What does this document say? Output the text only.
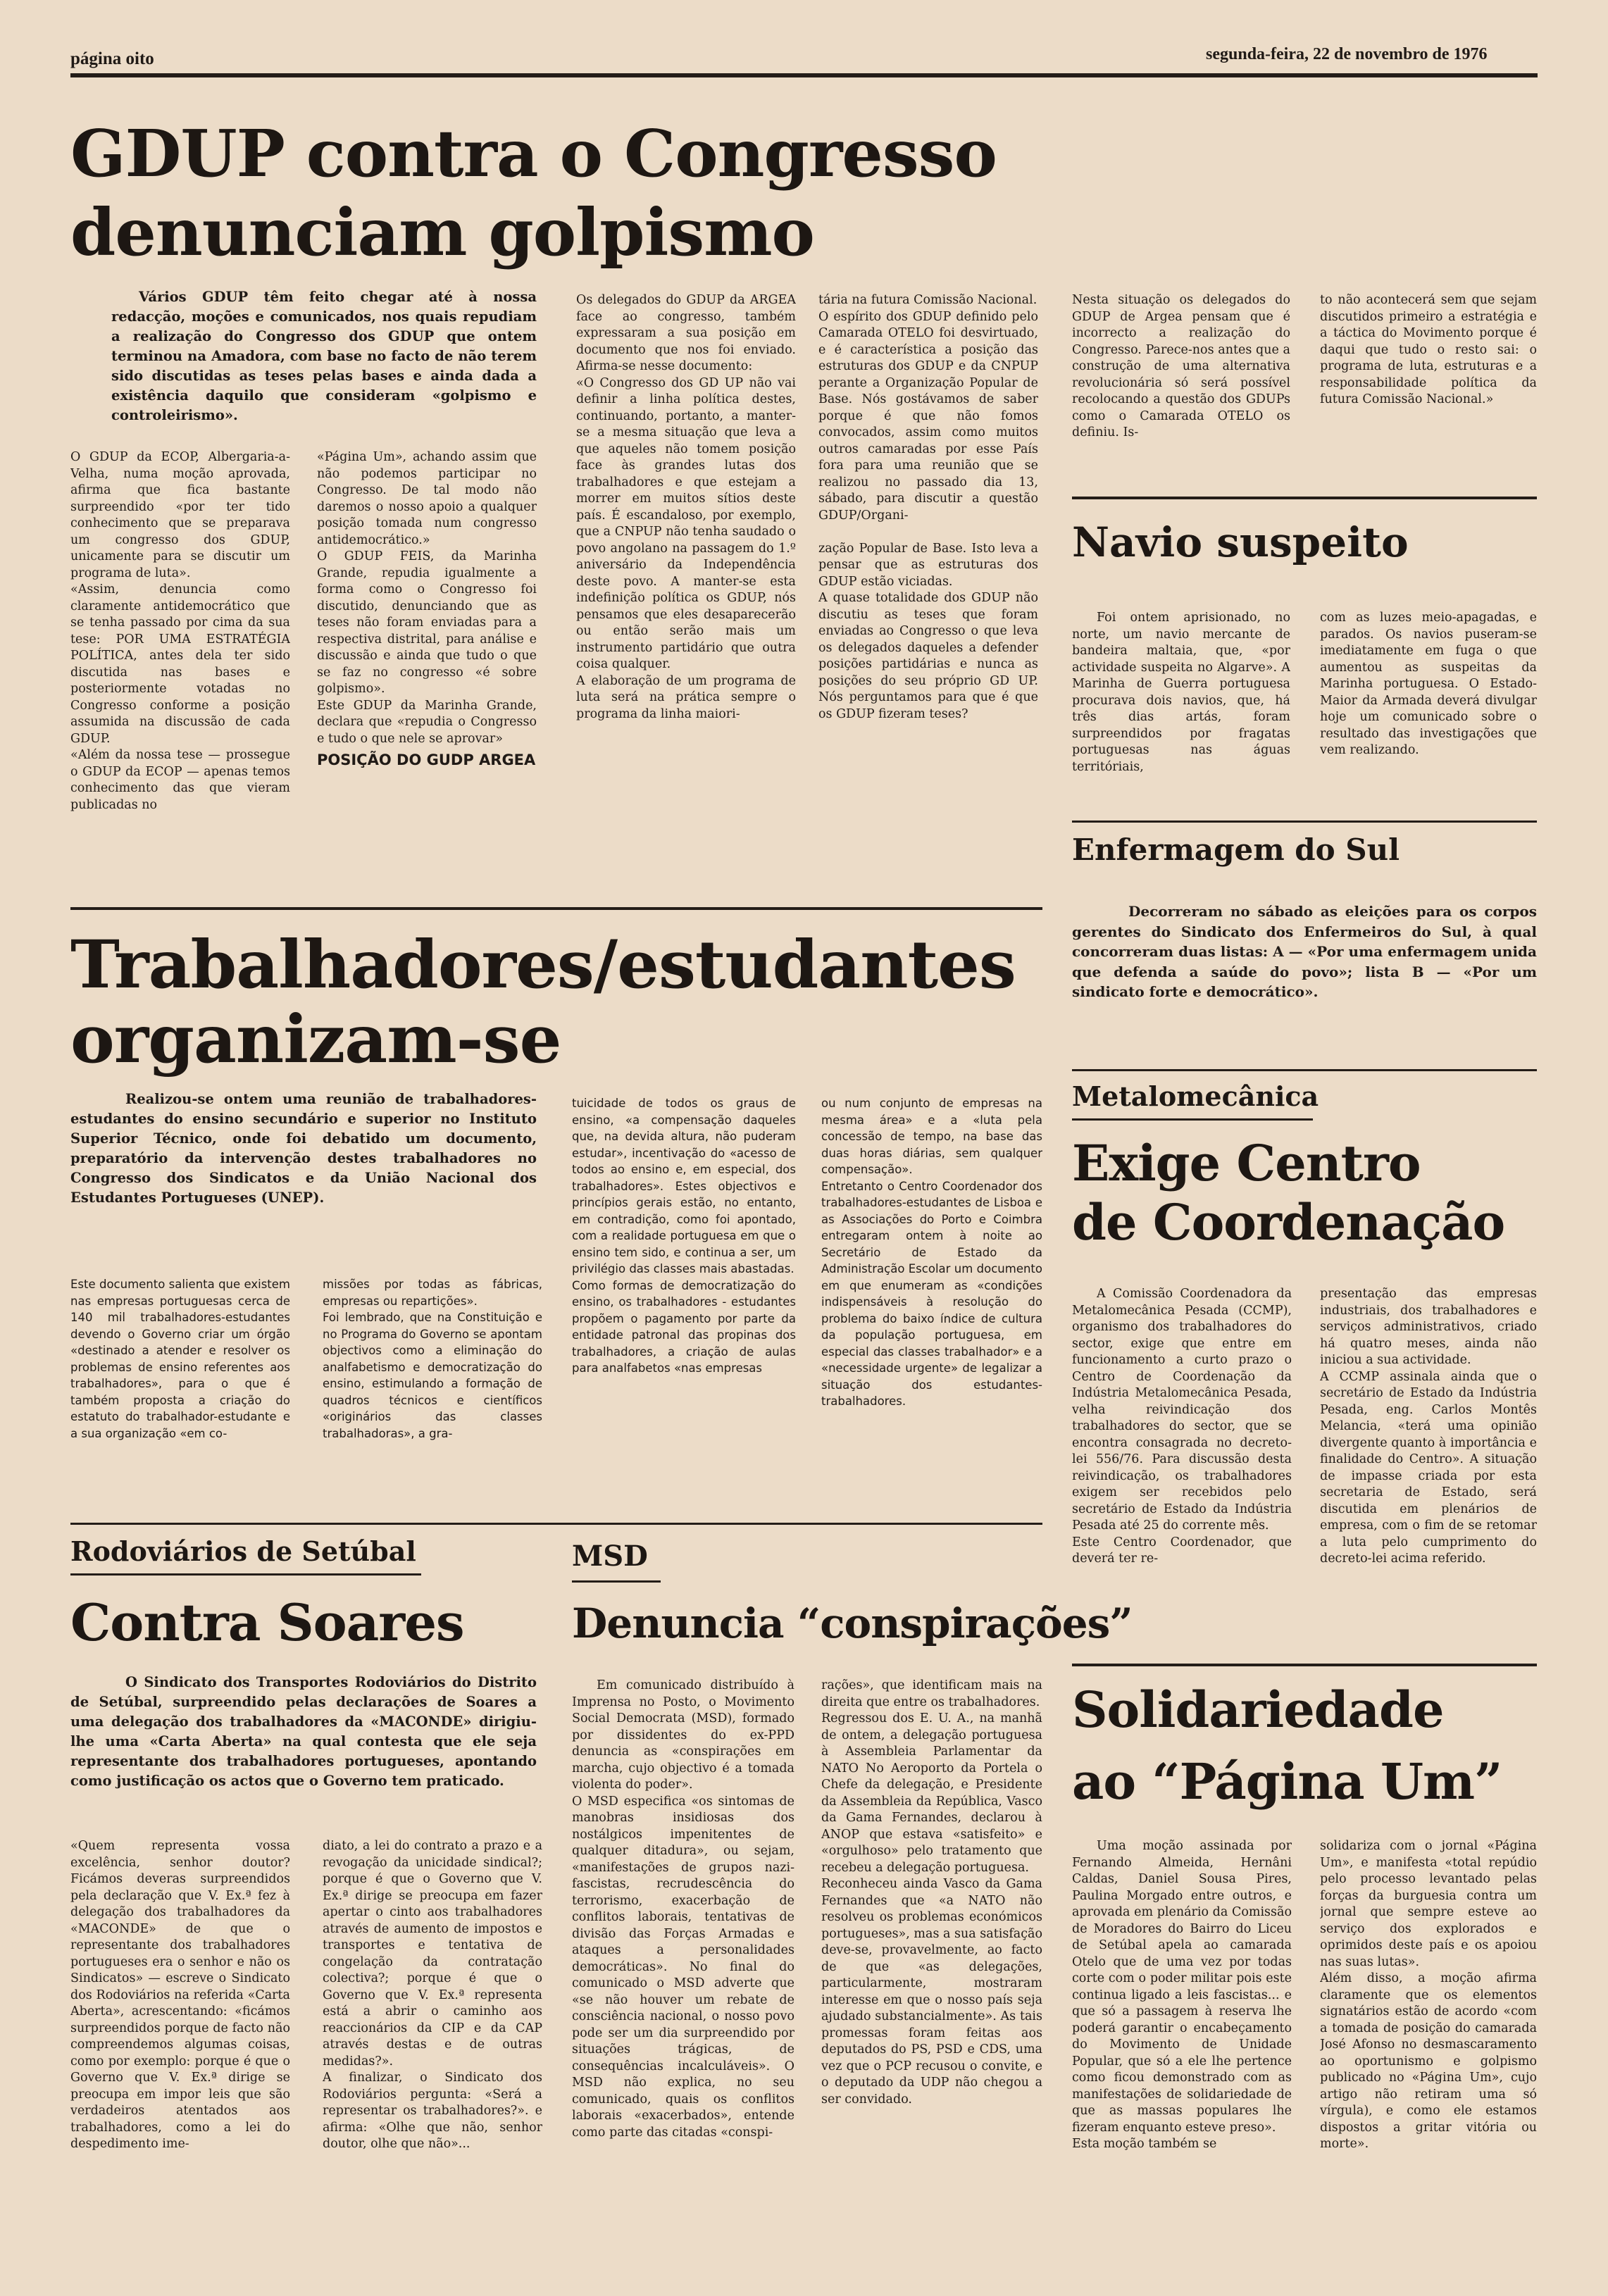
página oito	segunda-feira, 22 de novembro de 1976
GDUP contra o Congresso
denunciam golpismo

Vários GDUP têm feito chegar até à nossa redacção, moções e comunicados, nos quais repudiam a realização do Congresso dos GDUP que ontem terminou na Amadora, com base no facto de não terem sido discutidas as teses pelas bases e ainda dada a existência daquilo que consideram «golpismo e controleirismo».

O GDUP da ECOP, Albergaria-a-Velha, numa moção aprovada, afirma que fica bastante surpreendido «por ter tido conhecimento que se preparava um congresso dos GDUP, unicamente para se discutir um programa de luta».
«Assim, denuncia como claramente antidemocrático que se tenha passado por cima da sua tese: POR UMA ESTRATÉGIA POLÍTICA, antes dela ter sido discutida nas bases e posteriormente votadas no Congresso conforme a posição assumida na discussão de cada GDUP.
«Além da nossa tese — prossegue o GDUP da ECOP — apenas temos conhecimento das que vieram publicadas no

«Página Um», achando assim que não podemos participar no Congresso. De tal modo não daremos o nosso apoio a qualquer posição tomada num congresso antidemocrático.»
O GDUP FEIS, da Marinha Grande, repudia igualmente a forma como o Congresso foi discutido, denunciando que as teses não foram enviadas para a respectiva distrital, para análise e discussão e ainda que tudo o que se faz no congresso «é sobre golpismo».
Este GDUP da Marinha Grande, declara que «repudia o Congresso e tudo o que nele se aprovar»

POSIÇÃO DO GUDP ARGEA

Os delegados do GDUP da ARGEA face ao congresso, também expressaram a sua posição em documento que nos foi enviado. Afirma-se nesse documento:
«O Congresso dos GD UP não vai definir a linha política destes, continuando, portanto, a manter-se a mesma situação que leva a que aqueles não tomem posição face às grandes lutas dos trabalhadores e que estejam a morrer em muitos sítios deste país. É escandaloso, por exemplo, que a CNPUP não tenha saudado o povo angolano na passagem do 1.º aniversário da Independência deste povo. A manter-se esta indefinição política os GDUP, nós pensamos que eles desaparecerão ou então serão mais um instrumento partidário que outra coisa qualquer.
A elaboração de um programa de luta será na prática sempre o programa da linha maiori-

tária na futura Comissão Nacional.
O espírito dos GDUP definido pelo Camarada OTELO foi desvirtuado, e é característica a posição das estruturas dos GDUP e da CNPUP perante a Organização Popular de Base. Nós gostávamos de saber porque é que não fomos convocados, assim como muitos outros camaradas por esse País fora para uma reunião que se realizou no passado dia 13, sábado, para discutir a questão GDUP/Organi-

zação Popular de Base. Isto leva a pensar que as estruturas dos GDUP estão viciadas.
A quase totalidade dos GDUP não discutiu as teses que foram enviadas ao Congresso o que leva os delegados daqueles a defender posições partidárias e nunca as posições do seu próprio GD UP. Nós perguntamos para que é que os GDUP fizeram teses?

Nesta situação os delegados do GDUP de Argea pensam que é incorrecto a realização do Congresso. Parece-nos antes que a construção de uma alternativa revolucionária só será possível recolocando a questão dos GDUPs como o Camarada OTELO os definiu. Is-

to não acontecerá sem que sejam discutidos primeiro a estratégia e a táctica do Movimento porque é daqui que tudo o resto sai: o programa de luta, estruturas e a responsabilidade política da futura Comissão Nacional.»

Navio suspeito

Foi ontem aprisionado, no norte, um navio mercante de bandeira maltaia, que, «por actividade suspeita no Algarve». A Marinha de Guerra portuguesa procurava dois navios, que, há três dias artás, foram surpreendidos por fragatas portuguesas nas águas territóriais,

com as luzes meio-apagadas, e parados. Os navios puseram-se imediatamente em fuga o que aumentou as suspeitas da Marinha portuguesa. O Estado-Maior da Armada deverá divulgar hoje um comunicado sobre o resultado das investigações que vem realizando.

Enfermagem do Sul

Decorreram no sábado as eleições para os corpos gerentes do Sindicato dos Enfermeiros do Sul, à qual concorreram duas listas: A — «Por uma enfermagem unida que defenda a saúde do povo»; lista B — «Por um sindicato forte e democrático».

Trabalhadores/estudantes
organizam-se

Realizou-se ontem uma reunião de trabalhadores-estudantes do ensino secundário e superior no Instituto Superior Técnico, onde foi debatido um documento, preparatório da intervenção destes trabalhadores no Congresso dos Sindicatos e da União Nacional dos Estudantes Portugueses (UNEP).

Este documento salienta que existem nas empresas portuguesas cerca de 140 mil trabalhadores-estudantes devendo o Governo criar um órgão «destinado a atender e resolver os problemas de ensino referentes aos trabalhadores», para o que é também proposta a criação do estatuto do trabalhador-estudante e a sua organização «em co-

missões por todas as fábricas, empresas ou repartições».
Foi lembrado, que na Constituição e no Programa do Governo se apontam objectivos como a eliminação do analfabetismo e democratização do ensino, estimulando a formação de quadros técnicos e científicos «originários das classes trabalhadoras», a gra-

tuicidade de todos os graus de ensino, «a compensação daqueles que, na devida altura, não puderam estudar», incentivação do «acesso de todos ao ensino e, em especial, dos trabalhadores». Estes objectivos e princípios gerais estão, no entanto, em contradição, como foi apontado, com a realidade portuguesa em que o ensino tem sido, e continua a ser, um privilégio das classes mais abastadas.
Como formas de democratização do ensino, os trabalhadores - estudantes propõem o pagamento por parte da entidade patronal das propinas dos trabalhadores, a criação de aulas para analfabetos «nas empresas

ou num conjunto de empresas na mesma área» e a «luta pela concessão de tempo, na base das duas horas diárias, sem qualquer compensação».
Entretanto o Centro Coordenador dos trabalhadores-estudantes de Lisboa e as Associações do Porto e Coimbra entregaram ontem à noite ao Secretário de Estado da Administração Escolar um documento em que enumeram as «condições indispensáveis à resolução do problema do baixo índice de cultura da população portuguesa, em especial das classes trabalhador» e a «necessidade urgente» de legalizar a situação dos estudantes-trabalhadores.

Metalomecânica
Exige Centro
de Coordenação

A Comissão Coordenadora da Metalomecânica Pesada (CCMP), organismo dos trabalhadores do sector, exige que entre em funcionamento a curto prazo o Centro de Coordenação da Indústria Metalomecânica Pesada, velha reivindicação dos trabalhadores do sector, que se encontra consagrada no decreto-lei 556/76. Para discussão desta reivindicação, os trabalhadores exigem ser recebidos pelo secretário de Estado da Indústria Pesada até 25 do corrente mês.
Este Centro Coordenador, que deverá ter re-

presentação das empresas industriais, dos trabalhadores e serviços administrativos, criado há quatro meses, ainda não iniciou a sua actividade.
A CCMP assinala ainda que o secretário de Estado da Indústria Pesada, eng. Carlos Montês Melancia, «terá uma opinião divergente quanto à importância e finalidade do Centro». A situação de impasse criada por esta secretaria de Estado, será discutida em plenários de empresa, com o fim de se retomar a luta pelo cumprimento do decreto-lei acima referido.

Rodoviários de Setúbal
Contra Soares

O Sindicato dos Transportes Rodoviários do Distrito de Setúbal, surpreendido pelas declarações de Soares a uma delegação dos trabalhadores da «MACONDE» dirigiu-lhe uma «Carta Aberta» na qual contesta que ele seja representante dos trabalhadores portugueses, apontando como justificação os actos que o Governo tem praticado.

«Quem representa vossa excelência, senhor doutor? Ficámos deveras surpreendidos pela declaração que V. Ex.ª fez à delegação dos trabalhadores da «MACONDE» de que o representante dos trabalhadores portugueses era o senhor e não os Sindicatos» — escreve o Sindicato dos Rodoviários na referida «Carta Aberta», acrescentando: «ficámos surpreendidos porque de facto não compreendemos algumas coisas, como por exemplo: porque é que o Governo que V. Ex.ª dirige se preocupa em impor leis que são verdadeiros atentados aos trabalhadores, como a lei do despedimento ime-

diato, a lei do contrato a prazo e a revogação da unicidade sindical?; porque é que o Governo que V. Ex.ª dirige se preocupa em fazer apertar o cinto aos trabalhadores através de aumento de impostos e transportes e tentativa de congelação da contratação colectiva?; porque é que o Governo que V. Ex.ª representa está a abrir o caminho aos reaccionários da CIP e da CAP através destas e de outras medidas?».
A finalizar, o Sindicato dos Rodoviários pergunta: «Será a representar os trabalhadores?». e afirma: «Olhe que não, senhor doutor, olhe que não»...

MSD
Denuncia “conspirações”

Em comunicado distribuído à Imprensa no Posto, o Movimento Social Democrata (MSD), formado por dissidentes do ex-PPD denuncia as «conspirações em marcha, cujo objectivo é a tomada violenta do poder».
O MSD especifica «os sintomas de manobras insidiosas dos nostálgicos impenitentes de qualquer ditadura», ou sejam, «manifestações de grupos nazi-fascistas, recrudescência do terrorismo, exacerbação de conflitos laborais, tentativas de divisão das Forças Armadas e ataques a personalidades democráticas». No final do comunicado o MSD adverte que «se não houver um rebate de consciência nacional, o nosso povo pode ser um dia surpreendido por situações trágicas, de consequências incalculáveis». O MSD não explica, no seu comunicado, quais os conflitos laborais «exacerbados», entende como parte das citadas «conspi-

rações», que identificam mais na direita que entre os trabalhadores.
Regressou dos E. U. A., na manhã de ontem, a delegação portuguesa à Assembleia Parlamentar da NATO No Aeroporto da Portela o Chefe da delegação, e Presidente da Assembleia da República, Vasco da Gama Fernandes, declarou à ANOP que estava «satisfeito» e «orgulhoso» pelo tratamento que recebeu a delegação portuguesa.
Reconheceu ainda Vasco da Gama Fernandes que «a NATO não resolveu os problemas económicos portugueses», mas a sua satisfação deve-se, provavelmente, ao facto de que «as delegações, particularmente, mostraram interesse em que o nosso país seja ajudado substancialmente». As tais promessas foram feitas aos deputados do PS, PSD e CDS, uma vez que o PCP recusou o convite, e o deputado da UDP não chegou a ser convidado.

Solidariedade
ao “Página Um”

Uma moção assinada por Fernando Almeida, Hernâni Caldas, Daniel Sousa Pires, Paulina Morgado entre outros, e aprovada em plenário da Comissão de Moradores do Bairro do Liceu de Setúbal apela ao camarada Otelo que de uma vez por todas corte com o poder militar pois este continua ligado a leis fascistas... e que só a passagem à reserva lhe poderá garantir o encabeçamento do Movimento de Unidade Popular, que só a ele lhe pertence como ficou demonstrado com as manifestações de solidariedade de que as massas populares lhe fizeram enquanto esteve preso».
Esta moção também se

solidariza com o jornal «Página Um», e manifesta «total repúdio pelo processo levantado pelas forças da burguesia contra um jornal que sempre esteve ao serviço dos explorados e oprimidos deste país e os apoiou nas suas lutas».
Além disso, a moção afirma claramente que os elementos signatários estão de acordo «com a tomada de posição do camarada José Afonso no desmascaramento ao oportunismo e golpismo publicado no «Página Um», cujo artigo não retiram uma só vírgula), e como ele estamos dispostos a gritar vitória ou morte».
